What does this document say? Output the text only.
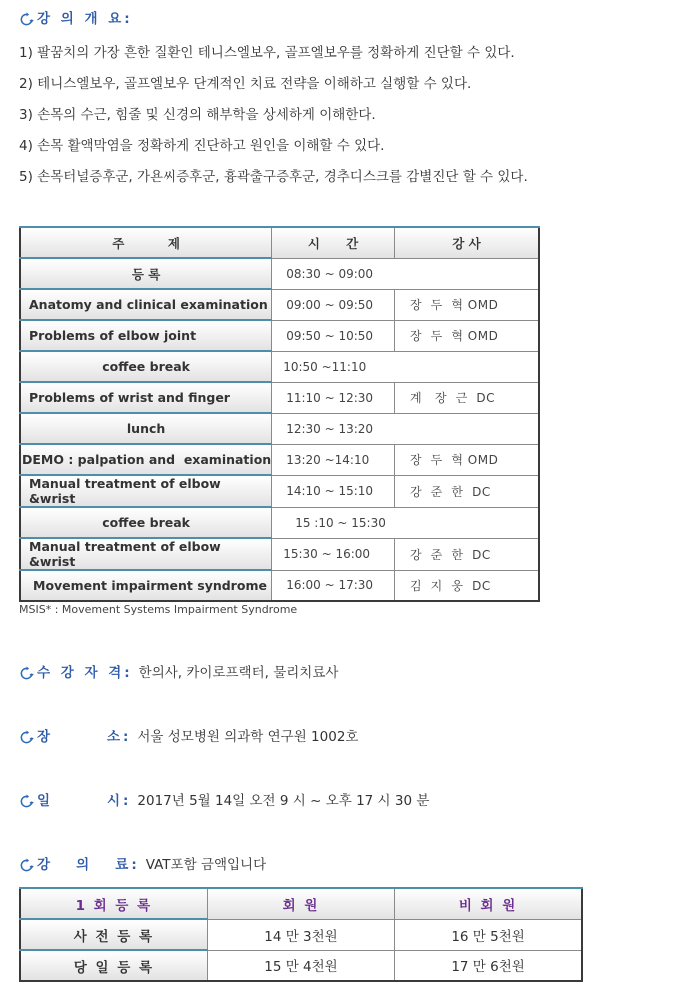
강 의 개 요:
1) 팔꿈치의 가장 흔한 질환인 테니스엘보우, 골프엘보우를 정확하게 진단할 수 있다.
2) 테니스엘보우, 골프엘보우 단계적인 치료 전략을 이해하고 실행할 수 있다.
3) 손목의 수근, 힘줄 및 신경의 해부학을 상세하게 이해한다.
4) 손목 활액막염을 정확하게 진단하고 원인을 이해할 수 있다.
5) 손목터널증후군, 가욘씨증후군, 흉곽출구증후군, 경추디스크를 감별진단 할 수 있다.
주          제	시      간	강 사
등 록	08:30 ~ 09:00	
Anatomy and clinical examination	09:00 ~ 09:50	장  두  혁 OMD
Problems of elbow joint	09:50 ~ 10:50	장  두  혁 OMD
coffee break	10:50 ~11:10	
Problems of wrist and finger	11:10 ~ 12:30	계   장  근  DC
lunch	12:30 ~ 13:20	
DEMO : palpation and  examination	13:20 ~14:10	장  두  혁 OMD
Manual treatment of elbow &wrist	14:10 ~ 15:10	강  준  한  DC
coffee break	15 :10 ~ 15:30	
Manual treatment of elbow &wrist	15:30 ~ 16:00	강  준  한  DC
Movement impairment syndrome	16:00 ~ 17:30	김  지  웅  DC
MSIS* : Movement Systems Impairment Syndrome
수 강 자 격: 한의사, 카이로프랙터, 물리치료사
장       소: 서울 성모병원 의과학 연구원 1002호
일       시: 2017년 5월 14일 오전 9 시 ~ 오후 17 시 30 분
강   의   료: VAT포함 금액입니다
1 회 등 록	회 원	비 회 원
사 전 등 록	14 만 3천원	16 만 5천원
당 일 등 록	15 만 4천원	17 만 6천원
